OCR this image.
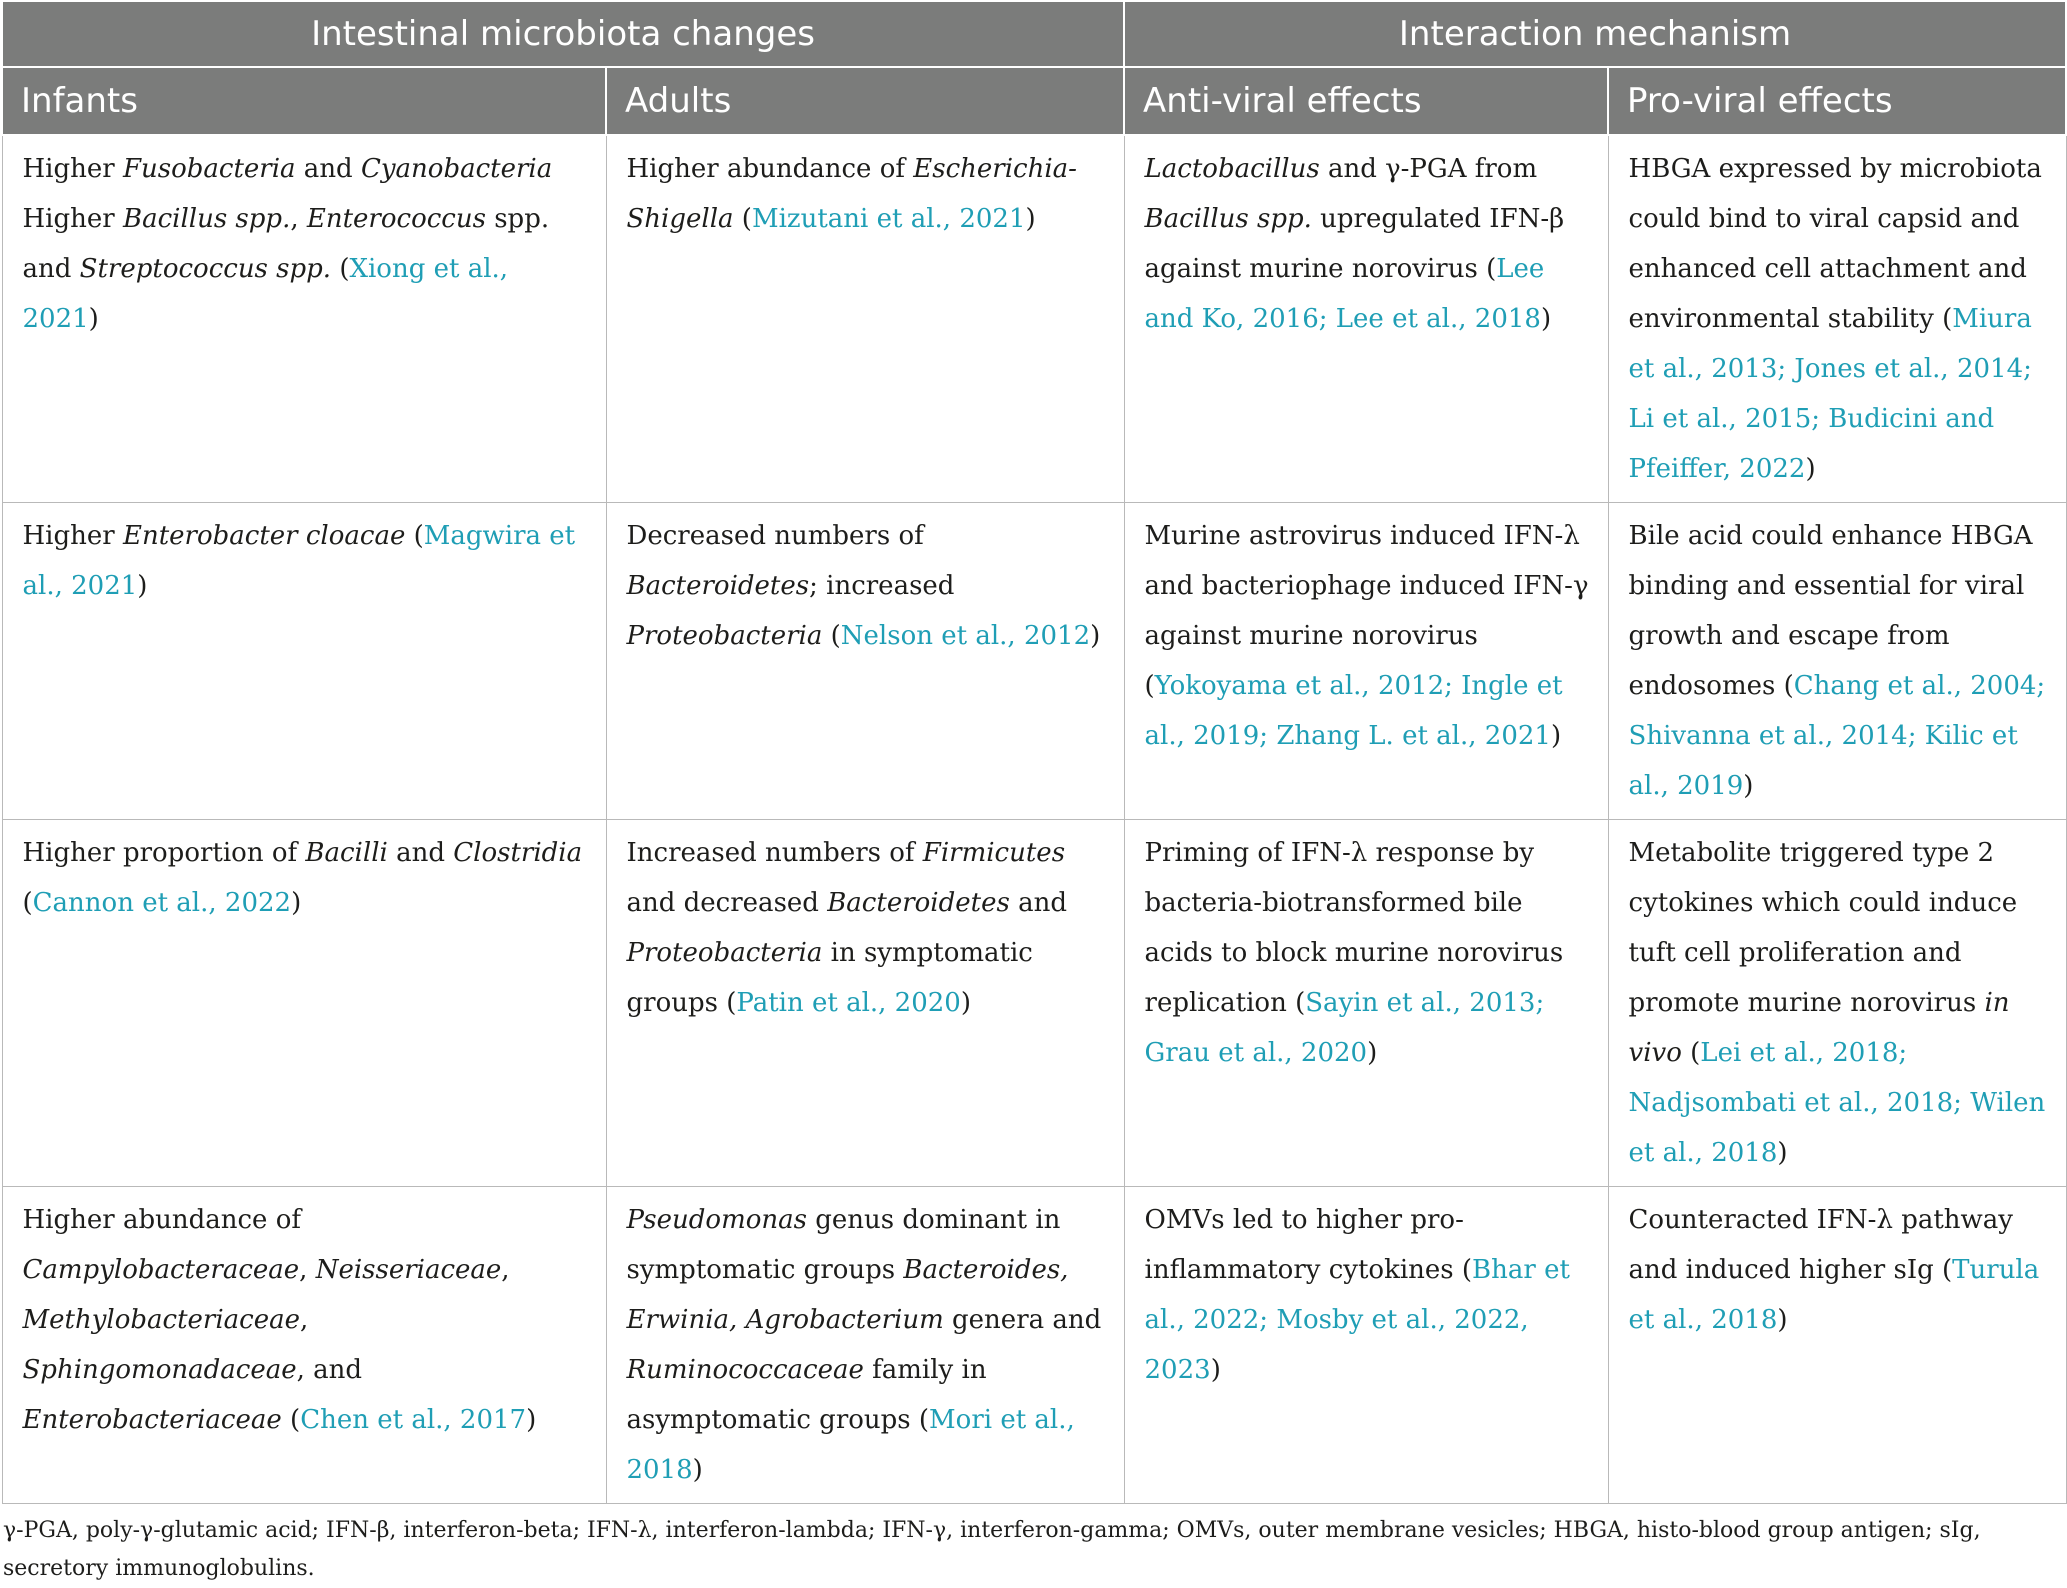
Intestinal microbiota changes		Interaction mechanism	
Infants	Adults	Anti-viral effects	Pro-viral effects
Higher Fusobacteria and Cyanobacteria Higher Bacillus spp., Enterococcus spp. and Streptococcus spp. (Xiong et al., 2021)	Higher abundance of Escherichia-Shigella (Mizutani et al., 2021)	Lactobacillus and γ-PGA from Bacillus spp. upregulated IFN-β against murine norovirus (Lee and Ko, 2016; Lee et al., 2018)	HBGA expressed by microbiota could bind to viral capsid and enhanced cell attachment and environmental stability (Miura et al., 2013; Jones et al., 2014; Li et al., 2015; Budicini and Pfeiffer, 2022)
Higher Enterobacter cloacae (Magwira et al., 2021)	Decreased numbers of Bacteroidetes; increased Proteobacteria (Nelson et al., 2012)	Murine astrovirus induced IFN-λ and bacteriophage induced IFN-γ against murine norovirus (Yokoyama et al., 2012; Ingle et al., 2019; Zhang L. et al., 2021)	Bile acid could enhance HBGA binding and essential for viral growth and escape from endosomes (Chang et al., 2004; Shivanna et al., 2014; Kilic et al., 2019)
Higher proportion of Bacilli and Clostridia (Cannon et al., 2022)	Increased numbers of Firmicutes and decreased Bacteroidetes and Proteobacteria in symptomatic groups (Patin et al., 2020)	Priming of IFN-λ response by bacteria-biotransformed bile acids to block murine norovirus replication (Sayin et al., 2013; Grau et al., 2020)	Metabolite triggered type 2 cytokines which could induce tuft cell proliferation and promote murine norovirus in vivo (Lei et al., 2018; Nadjsombati et al., 2018; Wilen et al., 2018)
Higher abundance of Campylobacteraceae, Neisseriaceae, Methylobacteriaceae, Sphingomonadaceae, and Enterobacteriaceae (Chen et al., 2017)	Pseudomonas genus dominant in symptomatic groups Bacteroides, Erwinia, Agrobacterium genera and Ruminococcaceae family in asymptomatic groups (Mori et al., 2018)	OMVs led to higher pro-inflammatory cytokines (Bhar et al., 2022; Mosby et al., 2022, 2023)	Counteracted IFN-λ pathway and induced higher sIg (Turula et al., 2018)
γ-PGA, poly-γ-glutamic acid; IFN-β, interferon-beta; IFN-λ, interferon-lambda; IFN-γ, interferon-gamma; OMVs, outer membrane vesicles; HBGA, histo-blood group antigen; sIg, secretory immunoglobulins.
